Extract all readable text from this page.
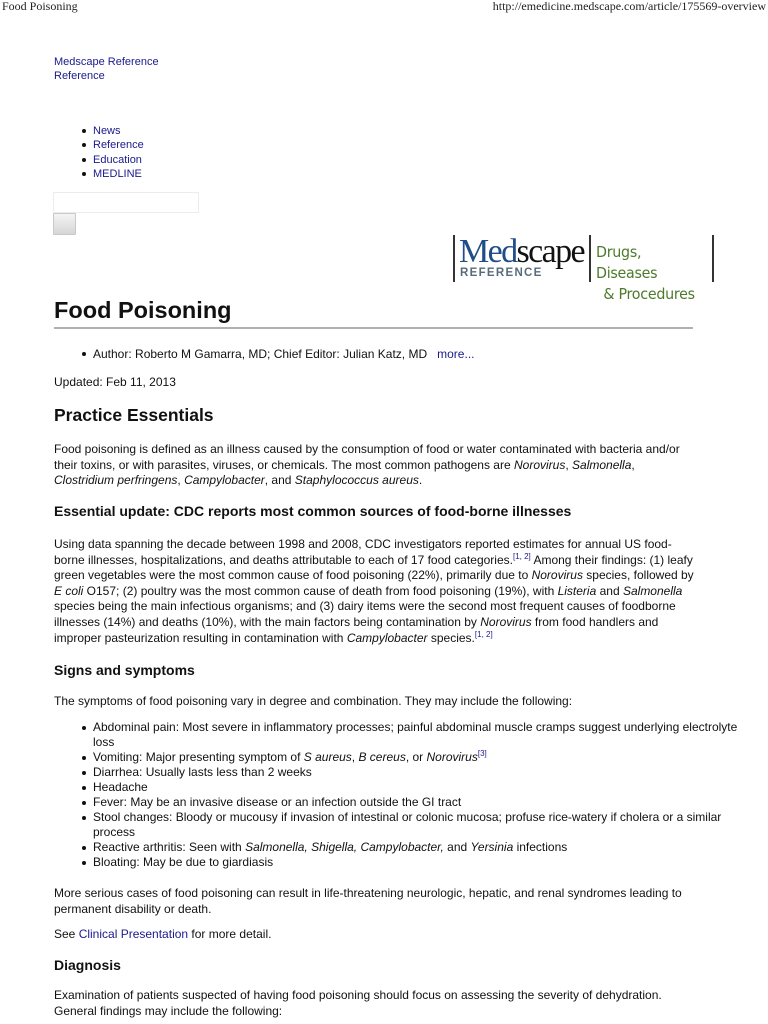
Food Poisoning	http://emedicine.medscape.com/article/175569-overview
Medscape Reference
Reference
News
Reference
Education
MEDLINE
Medscape
REFERENCE
Drugs, Diseases
& Procedures
Food Poisoning
Author: Roberto M Gamarra, MD; Chief Editor: Julian Katz, MD more...
Updated: Feb 11, 2013
Practice Essentials

Food poisoning is defined as an illness caused by the consumption of food or water contaminated with bacteria and/or their toxins, or with parasites, viruses, or chemicals. The most common pathogens are Norovirus, Salmonella,
Clostridium perfringens, Campylobacter, and Staphylococcus aureus.

Essential update: CDC reports most common sources of food-borne illnesses

Using data spanning the decade between 1998 and 2008, CDC investigators reported estimates for annual US food-borne illnesses, hospitalizations, and deaths attributable to each of 17 food categories.[1, 2] Among their findings: (1) leafy green vegetables were the most common cause of food poisoning (22%), primarily due to Norovirus species, followed by E coli O157; (2) poultry was the most common cause of death from food poisoning (19%), with Listeria and Salmonella species being the main infectious organisms; and (3) dairy items were the second most frequent causes of foodborne illnesses (14%) and deaths (10%), with the main factors being contamination by Norovirus from food handlers and improper pasteurization resulting in contamination with Campylobacter species.[1, 2]

Signs and symptoms

The symptoms of food poisoning vary in degree and combination. They may include the following:

Abdominal pain: Most severe in inflammatory processes; painful abdominal muscle cramps suggest underlying electrolyte loss
Vomiting: Major presenting symptom of S aureus, B cereus, or Norovirus[3]
Diarrhea: Usually lasts less than 2 weeks
Headache
Fever: May be an invasive disease or an infection outside the GI tract
Stool changes: Bloody or mucousy if invasion of intestinal or colonic mucosa; profuse rice-watery if cholera or a similar process
Reactive arthritis: Seen with Salmonella, Shigella, Campylobacter, and Yersinia infections
Bloating: May be due to giardiasis

More serious cases of food poisoning can result in life-threatening neurologic, hepatic, and renal syndromes leading to permanent disability or death.

See Clinical Presentation for more detail.

Diagnosis

Examination of patients suspected of having food poisoning should focus on assessing the severity of dehydration. General findings may include the following:
